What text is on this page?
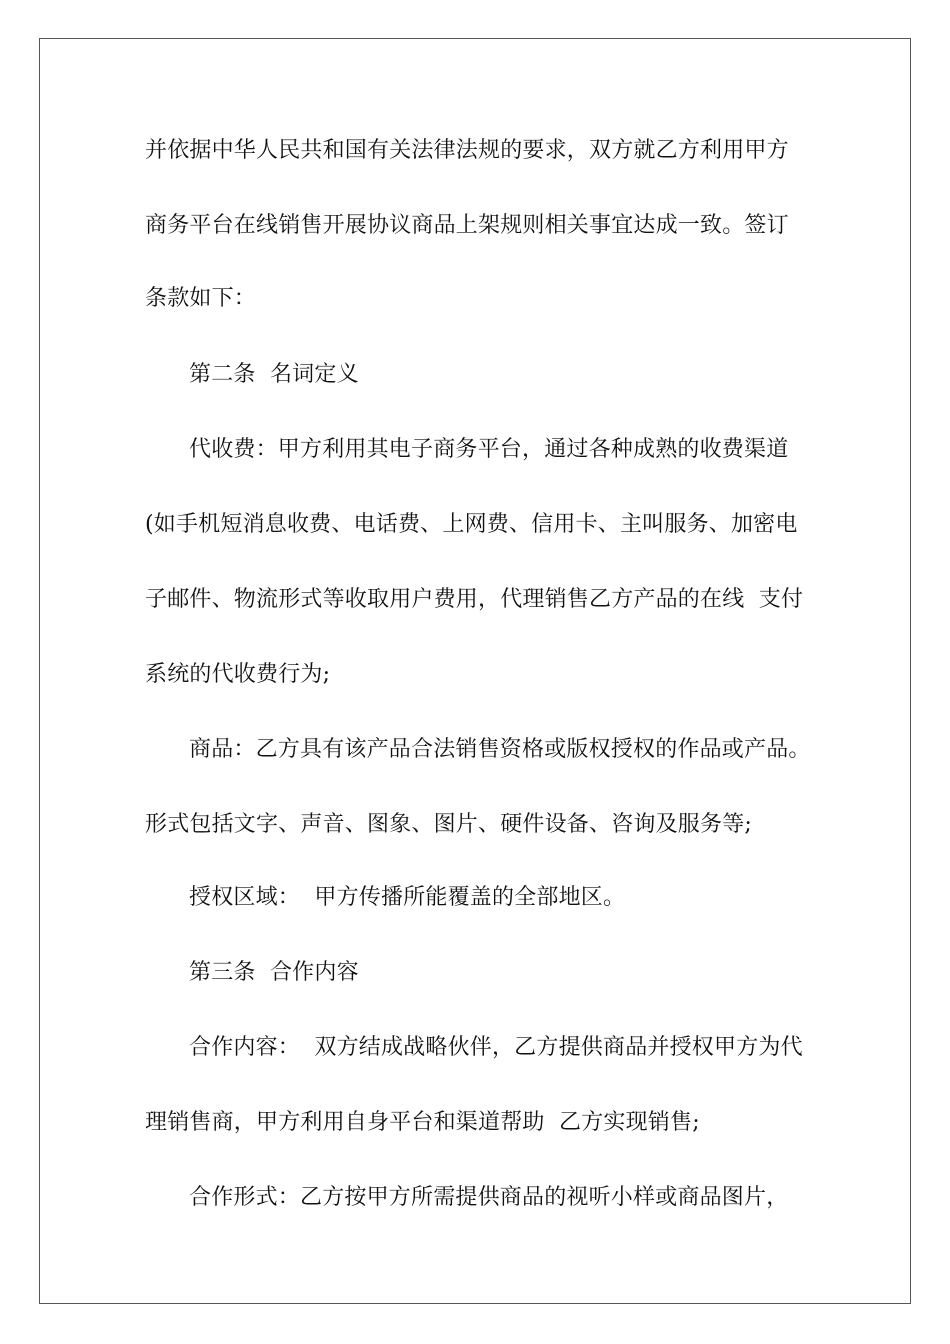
并依据中华人民共和国有关法律法规的要求，双方就乙方利用甲方
商务平台在线销售开展协议商品上架规则相关事宜达成一致。签订
条款如下：
第二条  名词定义
代收费：甲方利用其电子商务平台，通过各种成熟的收费渠道
(如手机短消息收费、电话费、上网费、信用卡、主叫服务、加密电
子邮件、物流形式等收取用户费用，代理销售乙方产品的在线  支付
系统的代收费行为;
商品：乙方具有该产品合法销售资格或版权授权的作品或产品。
形式包括文字、声音、图象、图片、硬件设备、咨询及服务等;
授权区域：  甲方传播所能覆盖的全部地区。
第三条  合作内容
合作内容：  双方结成战略伙伴，乙方提供商品并授权甲方为代
理销售商，甲方利用自身平台和渠道帮助  乙方实现销售;
合作形式：乙方按甲方所需提供商品的视听小样或商品图片，
